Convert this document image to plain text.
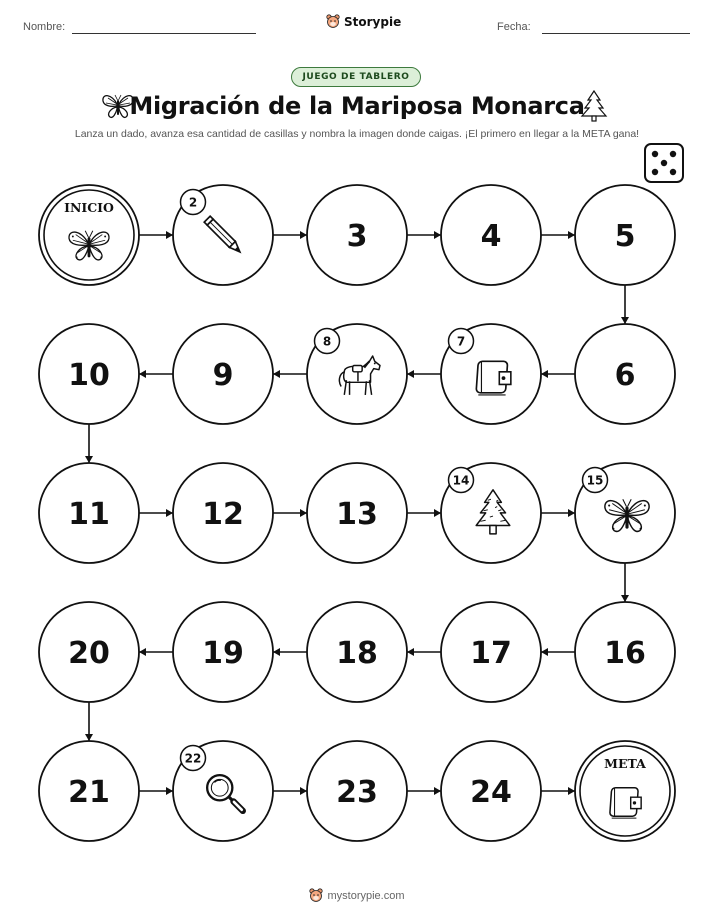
Nombre:	Storypie	Fecha:
JUEGO DE TABLERO
Migración de la Mariposa Monarca
Lanza un dado, avanza esa cantidad de casillas y nombra la imagen donde caigas. ¡El primero en llegar a la META gana!
INICIO	2
3	4	5
6
7
8
9
10
11	12	13
14	15
16
17
18
19
20
21
22
23	24
META
mystorypie.com
